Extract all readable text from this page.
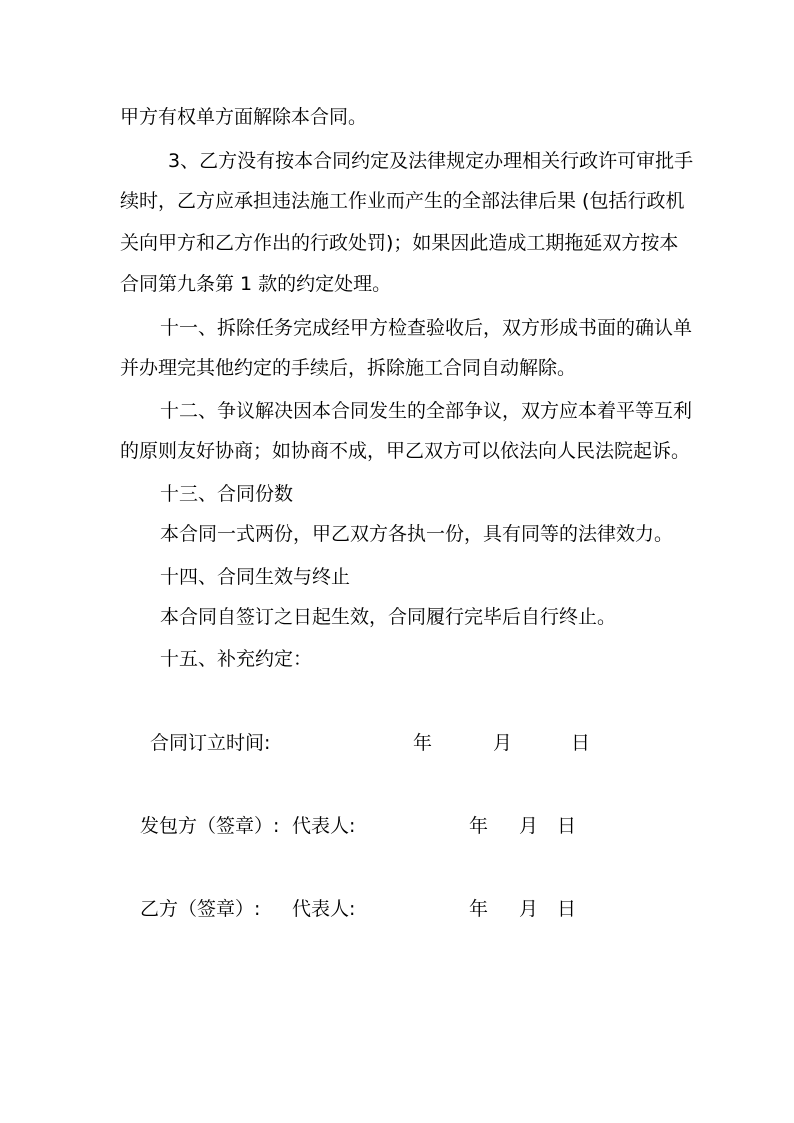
甲方有权单方面解除本合同。

3、乙方没有按本合同约定及法律规定办理相关行政许可审批手

续时，乙方应承担违法施工作业而产生的全部法律后果 (包括行政机

关向甲方和乙方作出的行政处罚)；如果因此造成工期拖延双方按本

合同第九条第 1 款的约定处理。

十一、拆除任务完成经甲方检查验收后，双方形成书面的确认单

并办理完其他约定的手续后，拆除施工合同自动解除。

十二、争议解决因本合同发生的全部争议，双方应本着平等互利

的原则友好协商；如协商不成，甲乙双方可以依法向人民法院起诉。

十三、合同份数

本合同一式两份，甲乙双方各执一份，具有同等的法律效力。

十四、合同生效与终止

本合同自签订之日起生效，合同履行完毕后自行终止。

十五、补充约定：

合同订立时间:	年	月	日
发包方（签章）: 代表人:	年 月 日
乙方（签章）: 代表人:	年 月 日
